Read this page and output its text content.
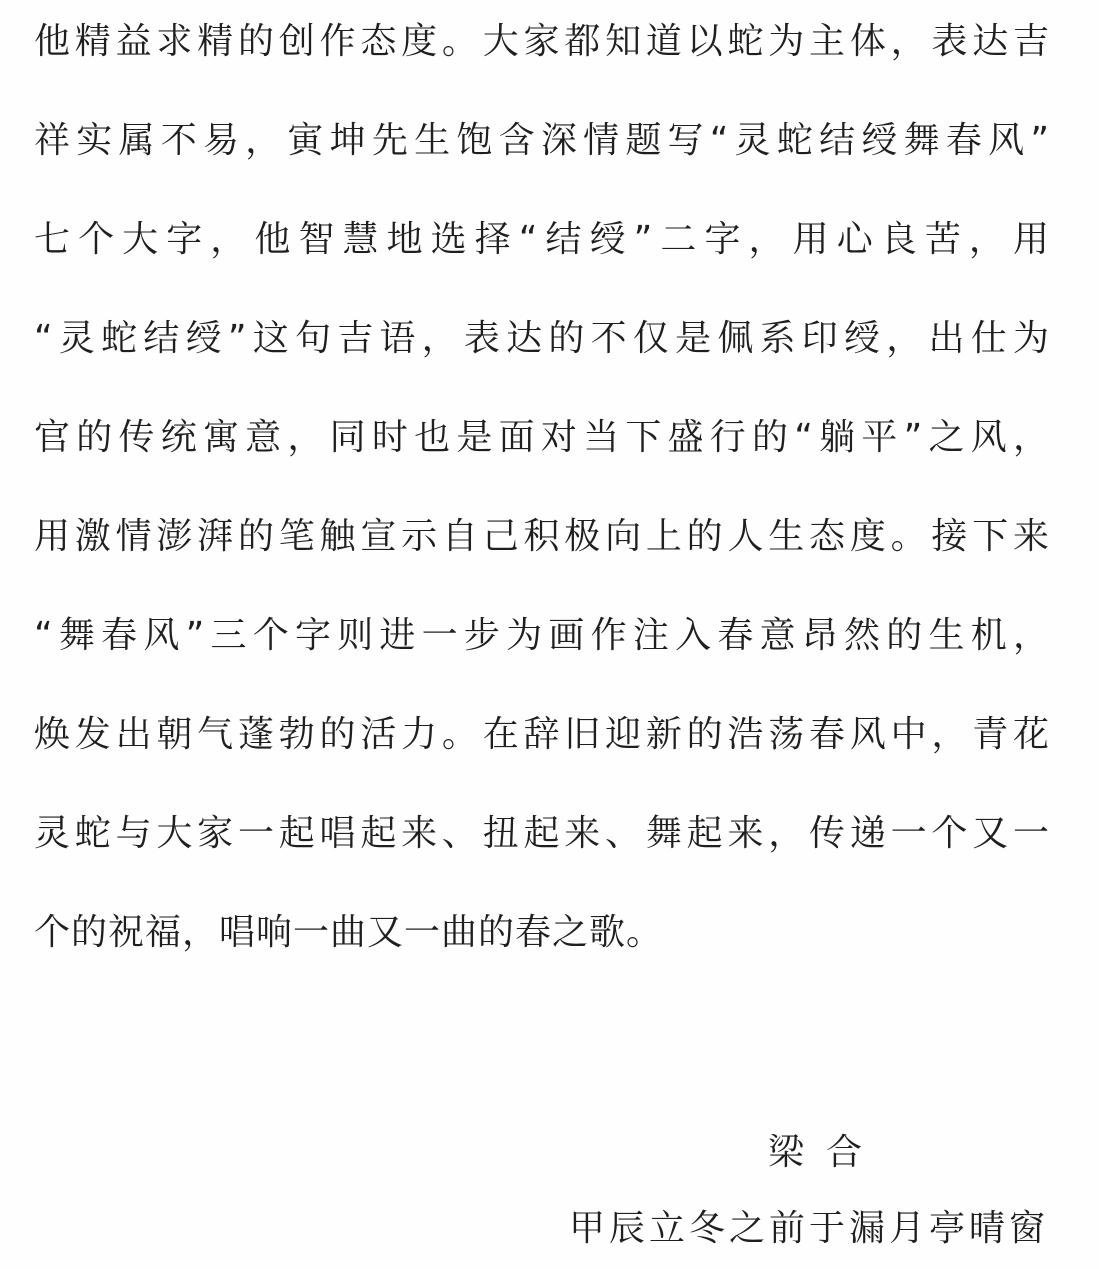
他精益求精的创作态度。大家都知道以蛇为主体，表达吉
祥实属不易，寅坤先生饱含深情题写“灵蛇结绶舞春风”
七个大字，他智慧地选择“结绶”二字，用心良苦，用
“灵蛇结绶”这句吉语，表达的不仅是佩系印绶，出仕为
官的传统寓意，同时也是面对当下盛行的“躺平”之风，
用激情澎湃的笔触宣示自己积极向上的人生态度。接下来
“舞春风”三个字则进一步为画作注入春意昂然的生机，
焕发出朝气蓬勃的活力。在辞旧迎新的浩荡春风中，青花
灵蛇与大家一起唱起来、扭起来、舞起来，传递一个又一
个的祝福，唱响一曲又一曲的春之歌。
梁合
甲辰立冬之前于漏月亭晴窗
